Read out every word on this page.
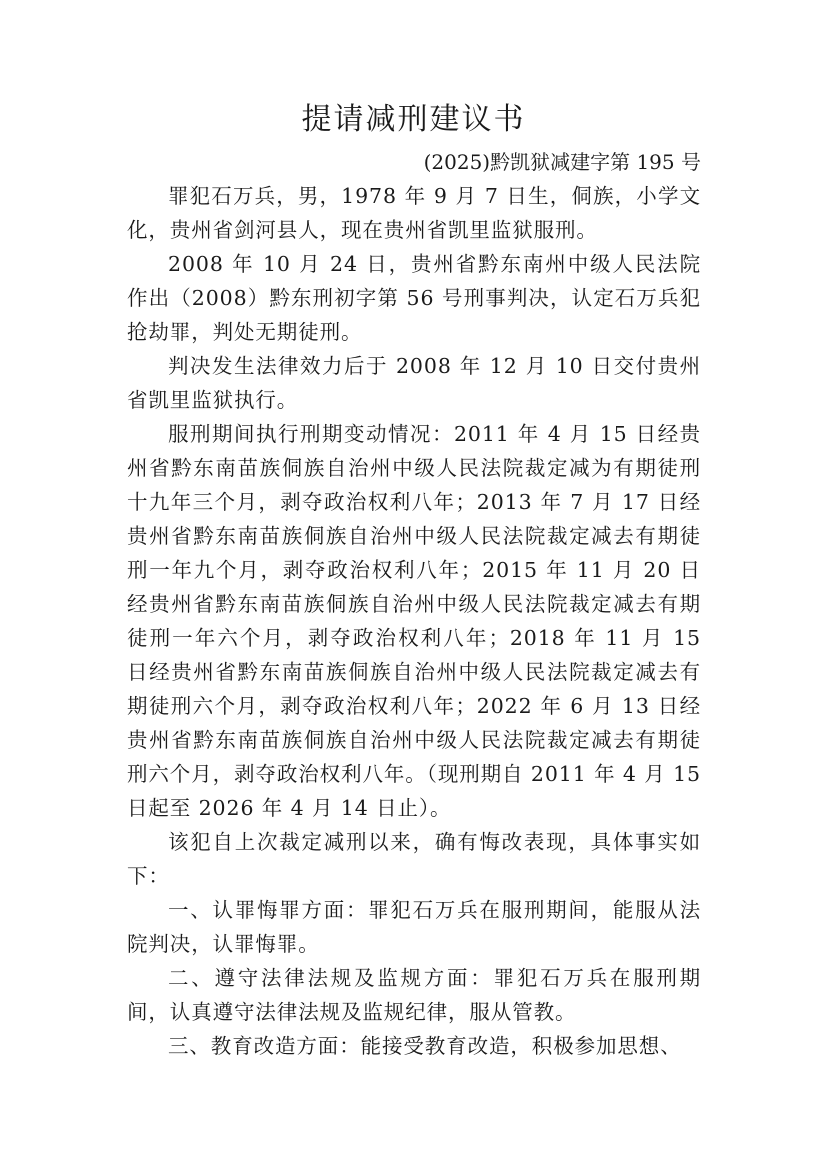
提请减刑建议书
(2025)黔凯狱减建字第 195 号

罪犯石万兵，男，1978 年 9 月 7 日生，侗族，小学文化，贵州省剑河县人，现在贵州省凯里监狱服刑。

2008 年 10 月 24 日，贵州省黔东南州中级人民法院作出（2008）黔东刑初字第 56 号刑事判决，认定石万兵犯抢劫罪，判处无期徒刑。

判决发生法律效力后于 2008 年 12 月 10 日交付贵州省凯里监狱执行。

服刑期间执行刑期变动情况：2011 年 4 月 15 日经贵州省黔东南苗族侗族自治州中级人民法院裁定减为有期徒刑十九年三个月，剥夺政治权利八年；2013 年 7 月 17 日经贵州省黔东南苗族侗族自治州中级人民法院裁定减去有期徒刑一年九个月，剥夺政治权利八年；2015 年 11 月 20 日经贵州省黔东南苗族侗族自治州中级人民法院裁定减去有期徒刑一年六个月，剥夺政治权利八年；2018 年 11 月 15 日经贵州省黔东南苗族侗族自治州中级人民法院裁定减去有期徒刑六个月，剥夺政治权利八年；2022 年 6 月 13 日经贵州省黔东南苗族侗族自治州中级人民法院裁定减去有期徒刑六个月，剥夺政治权利八年。（现刑期自 2011 年 4 月 15 日起至 2026 年 4 月 14 日止）。

该犯自上次裁定减刑以来，确有悔改表现，具体事实如下：

一、认罪悔罪方面：罪犯石万兵在服刑期间，能服从法院判决，认罪悔罪。

二、遵守法律法规及监规方面：罪犯石万兵在服刑期间，认真遵守法律法规及监规纪律，服从管教。

三、教育改造方面：能接受教育改造，积极参加思想、
